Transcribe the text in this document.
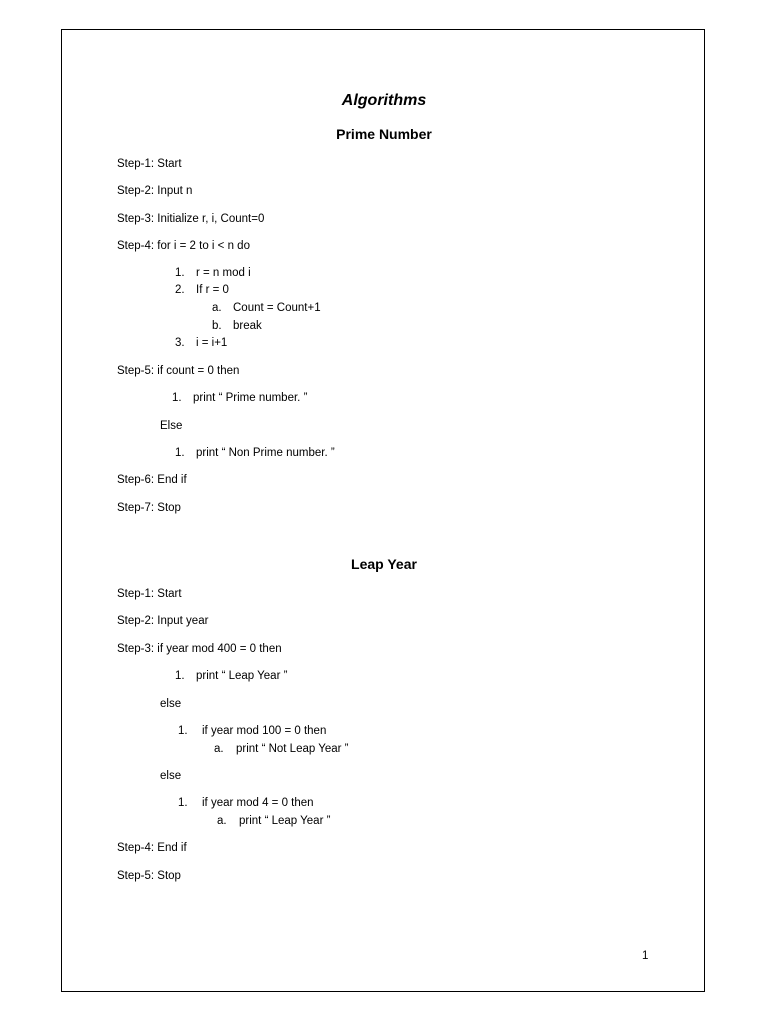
Algorithms
Prime Number
Step-1: Start
Step-2: Input n
Step-3: Initialize r, i, Count=0
Step-4: for i = 2 to i < n do
1. r = n mod i
2. If r = 0
a. Count = Count+1
b. break
3. i = i+1
Step-5: if count = 0 then
1. print “ Prime number. ”
Else
1. print “ Non Prime number. ”
Step-6: End if
Step-7: Stop
Leap Year
Step-1: Start
Step-2: Input year
Step-3: if year mod 400 = 0 then
1. print “ Leap Year ”
else
1. if year mod 100 = 0 then
a. print “ Not Leap Year ”
else
1. if year mod 4 = 0 then
a. print “ Leap Year ”
Step-4: End if
Step-5: Stop
1
